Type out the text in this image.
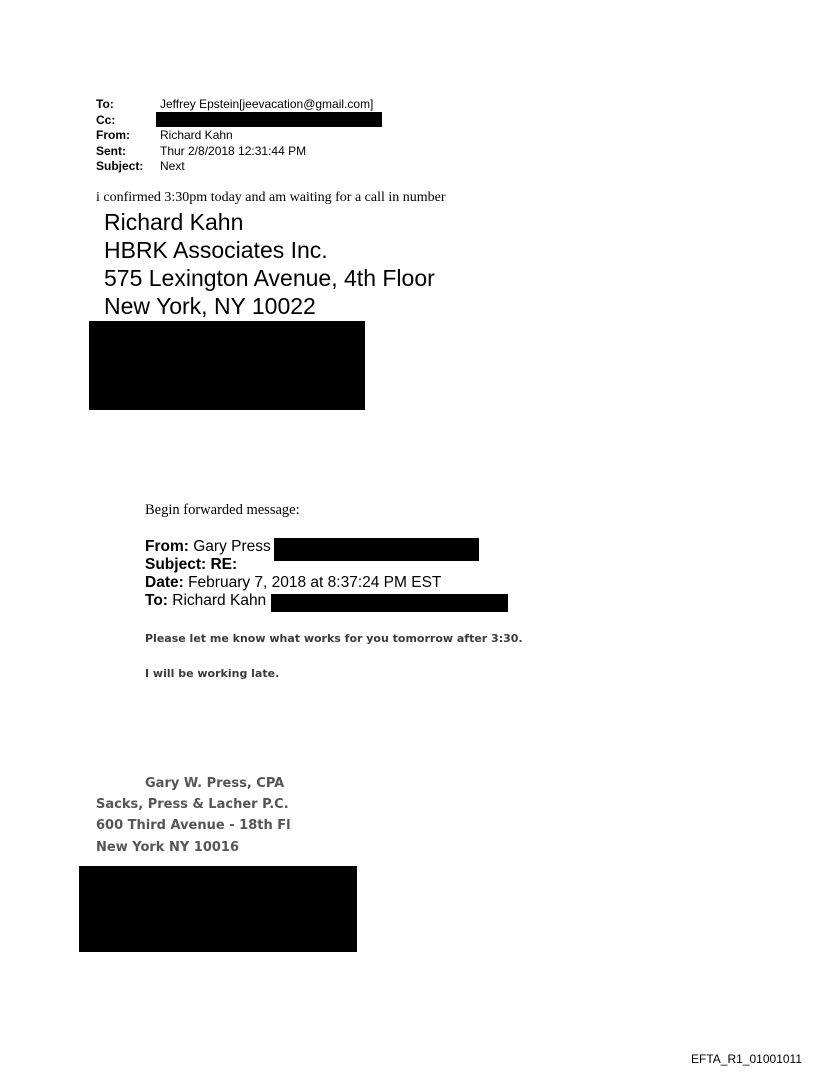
To:	Jeffrey Epstein[jeevacation@gmail.com]
Cc:
From:	Richard Kahn
Sent:	Thur 2/8/2018 12:31:44 PM
Subject:	Next
i confirmed 3:30pm today and am waiting for a call in number
Richard Kahn
HBRK Associates Inc.
575 Lexington Avenue, 4th Floor
New York, NY 10022
Begin forwarded message:
From: Gary Press
Subject: RE:
Date: February 7, 2018 at 8:37:24 PM EST
To: Richard Kahn
Please let me know what works for you tomorrow after 3:30.
I will be working late.
Gary W. Press, CPA
Sacks, Press & Lacher P.C.
600 Third Avenue - 18th Fl
New York NY 10016
EFTA_R1_01001011
